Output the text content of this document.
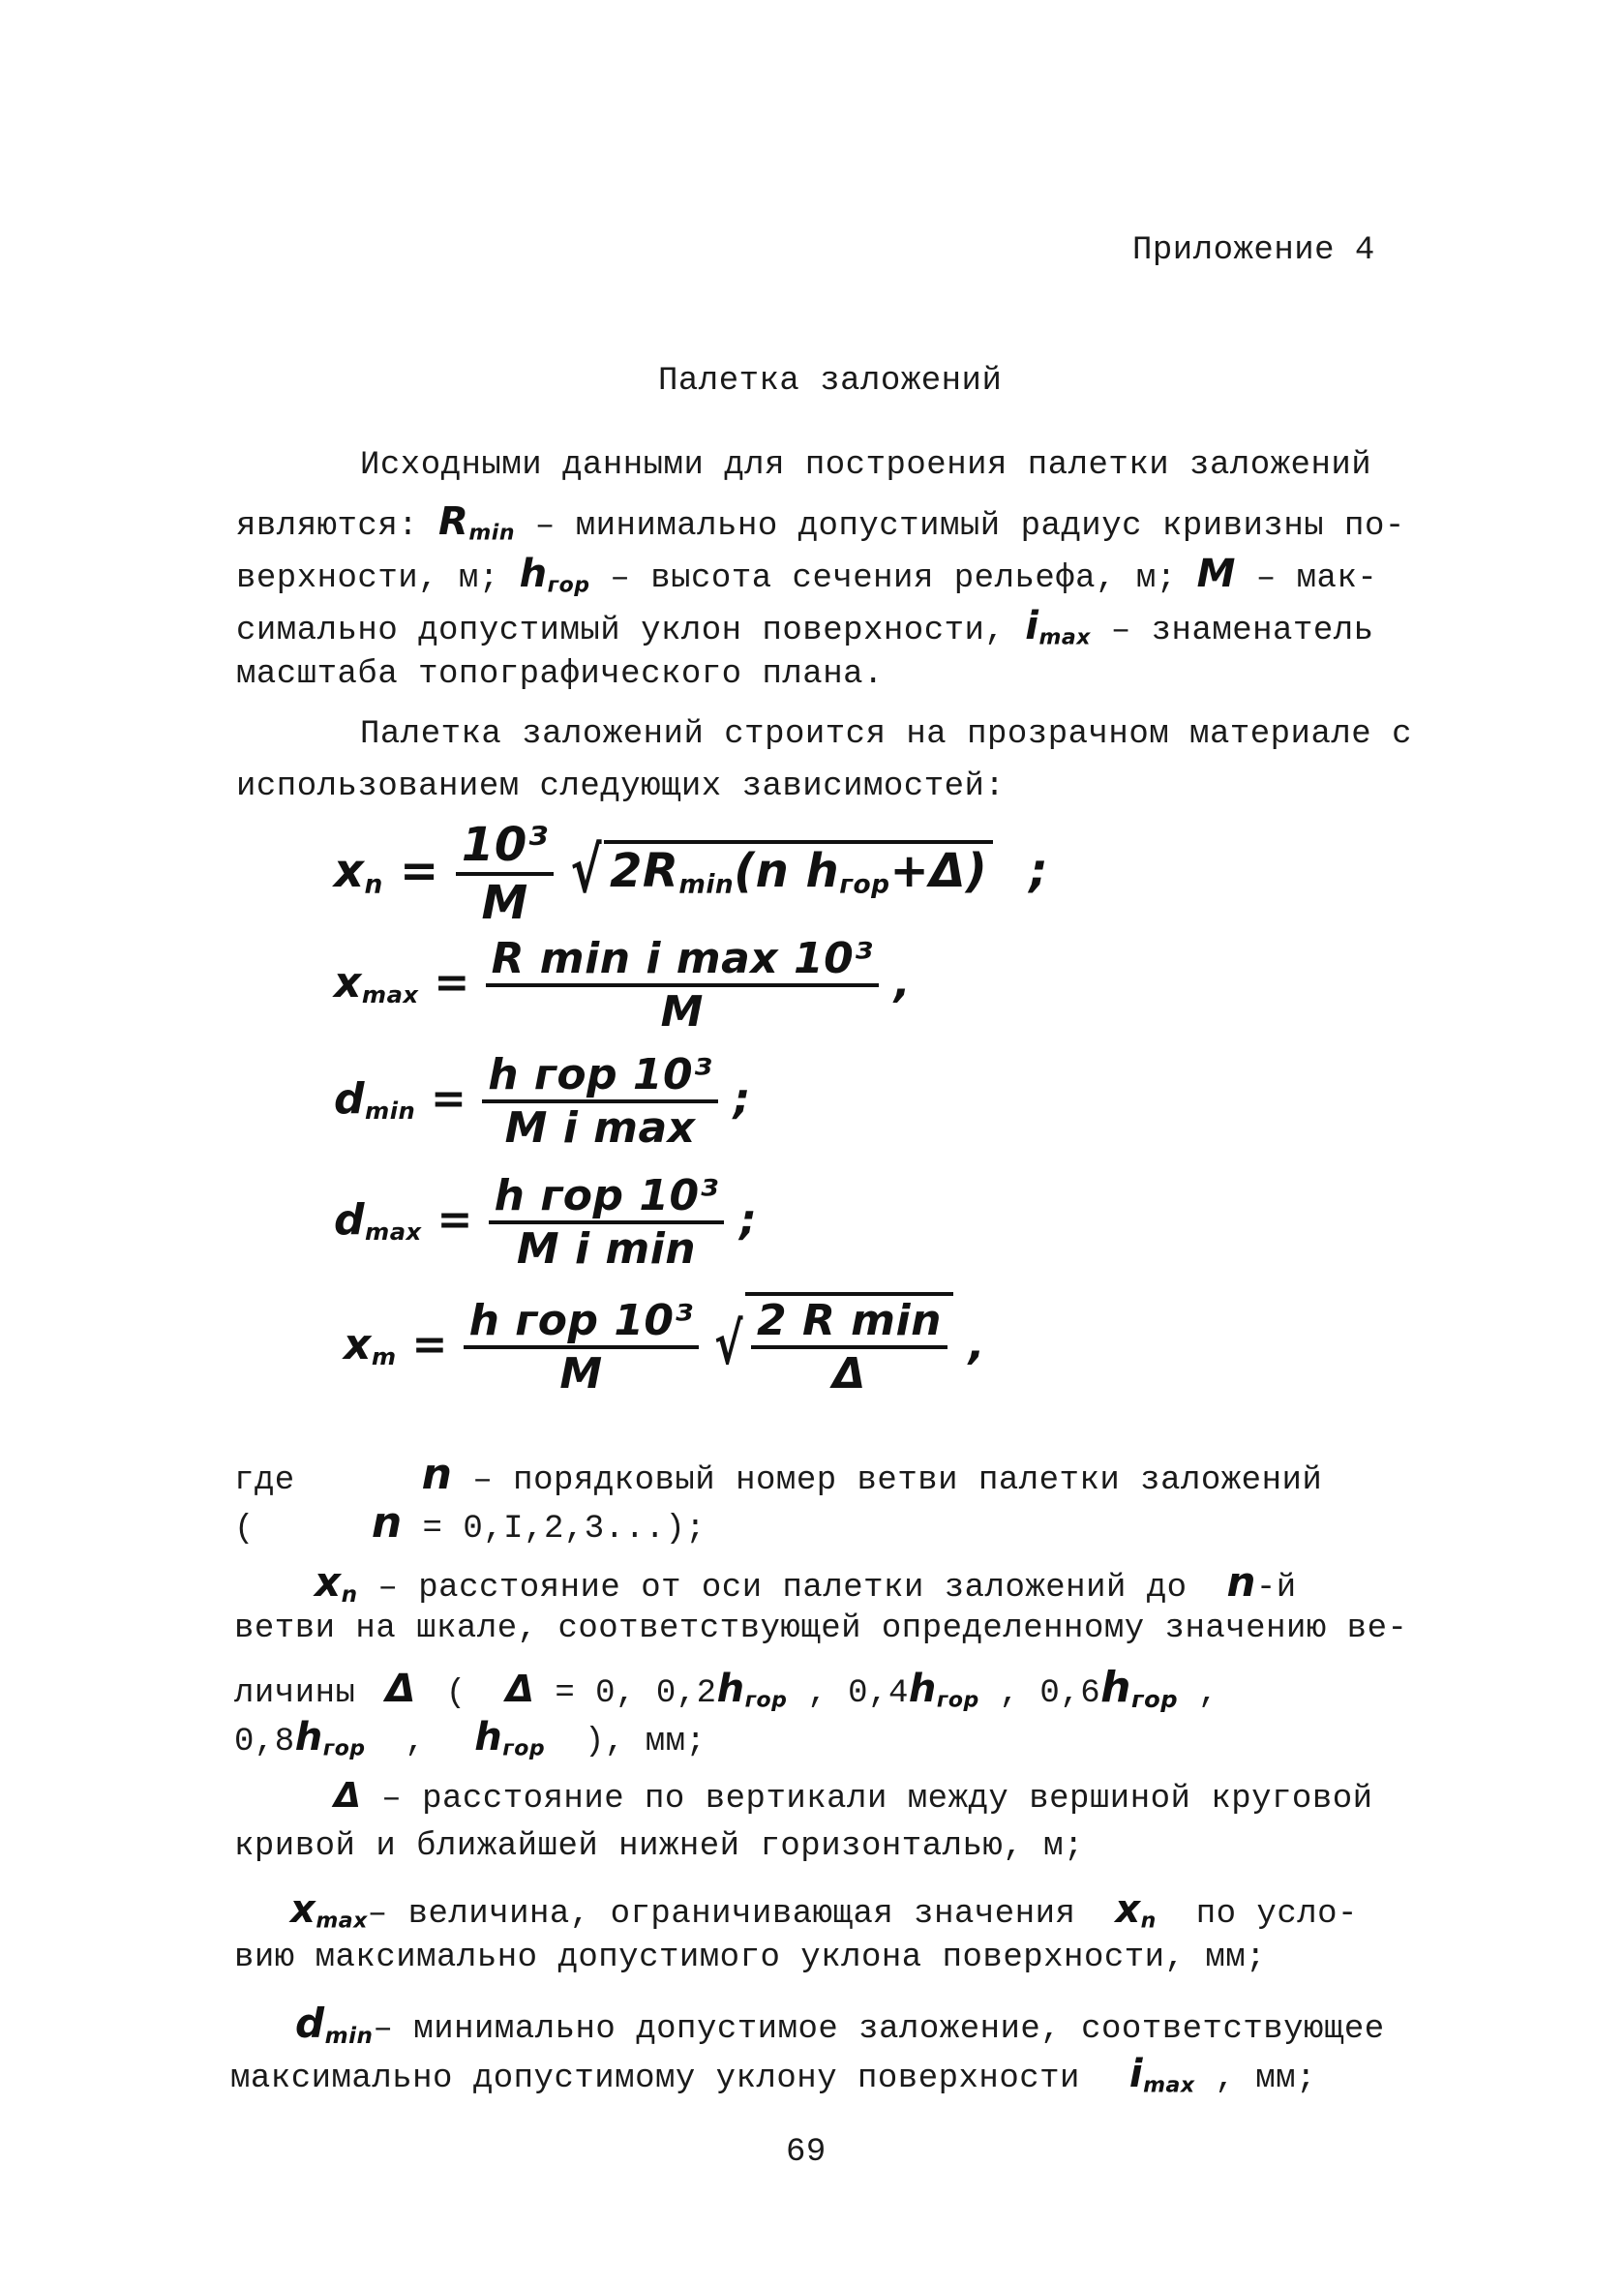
Приложение 4
Палетка заложений
Исходными данными для построения палетки заложений
являются: $R_{min}$ – минимально допустимый радиус кривизны по-
верхности, м; $h_{гор}$ – высота сечения рельефа, м; M – мак-
симально допустимый уклон поверхности, $i_{max}$ – знаменатель
масштаба топографического плана.
Палетка заложений строится на прозрачном материале с
использованием следующих зависимостей:
$x_n = \frac{\text{10³}}{M}$ √ $2R_{min}(n$ $h_{гор}+\Delta$) ;
$x_{max} = \frac{\text{R min i max 10³}}{M}$ ,
$d_{min} = \frac{\text{h гор 10³}}{\text{M i max}}$ ;
$d_{max} = \frac{\text{h гор 10³}}{\text{M i min}}$ ;
$x_m = \frac{\text{h гор 10³}}{M}$ √ $\frac{\text{2 R min}}{\Delta}$ ,
где	n – порядковый номер ветви палетки заложений
(	n = 0,I,2,3...);
$x_n$ – расстояние от оси палетки заложений до n-й
ветви на шкале, соответствующей определенному значению ве-
личины Δ ( Δ = 0, $0,2h_{гор}$ , $0,4h_{гор}$ , $0,6h_{гор}$ ,
$0,8h_{гор}$ , $h_{гор}$ ), мм;
Δ – расстояние по вертикали между вершиной круговой
кривой и ближайшей нижней горизонталью, м;
$x_{max}-$ величина, ограничивающая значения $x_n$ по усло-
вию максимально допустимого уклона поверхности, мм;
$d_{min}-$ минимально допустимое заложение, соответствующее
максимально допустимому уклону поверхности $i_{max}$ , мм;
69
